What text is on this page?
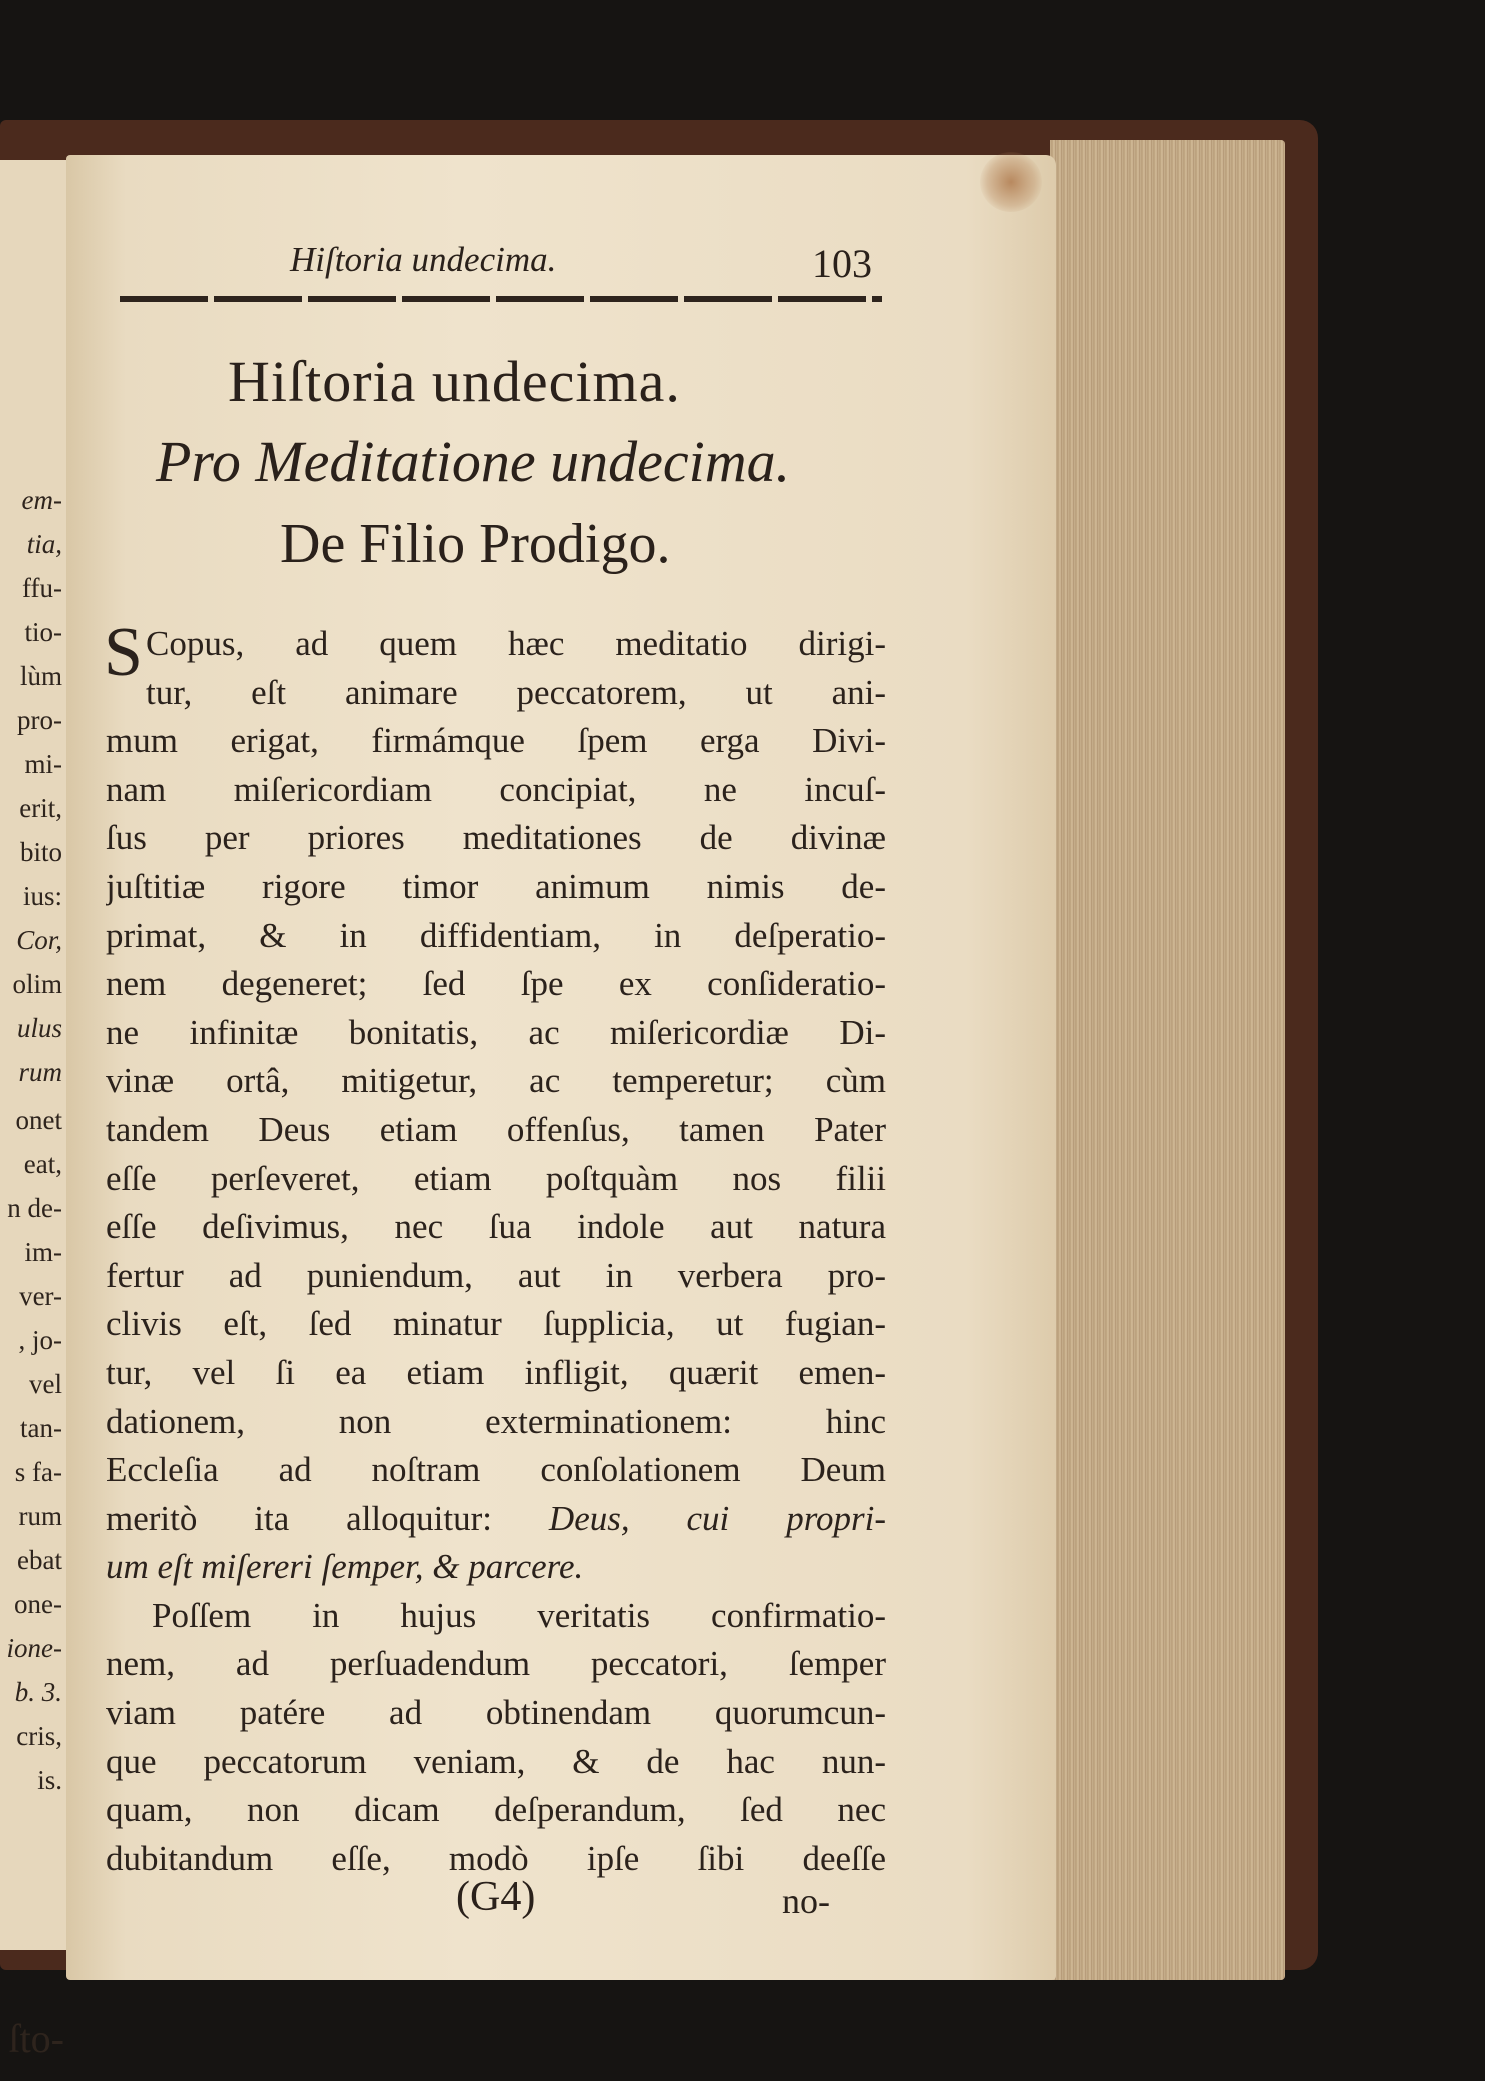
em-
tia,
ffu-
tio-
lùm
pro-
mi-
erit,
bito
ius:
Cor,
olim
ulus
rum
onet
eat,
n de-
im-
ver-
, jo-
vel
tan-
s fa-
rum
ebat
one-
ione-
b. 3.
cris,
is.
ſto-
Hiſtoria undecima.	103
Hiſtoria undecima.
Pro Meditatione undecima.
De Filio Prodigo.
S Copus, ad quem hæc meditatio dirigi-
tur, eſt animare peccatorem, ut ani-
mum erigat, firmámque ſpem erga Divi-
nam miſericordiam concipiat, ne incuſ-
ſus per priores meditationes de divinæ
juſtitiæ rigore timor animum nimis de-
primat, & in diffidentiam, in deſperatio-
nem degeneret; ſed ſpe ex conſideratio-
ne infinitæ bonitatis, ac miſericordiæ Di-
vinæ ortâ, mitigetur, ac temperetur; cùm
tandem Deus etiam offenſus, tamen Pater
eſſe perſeveret, etiam poſtquàm nos filii
eſſe deſivimus, nec ſua indole aut natura
fertur ad puniendum, aut in verbera pro-
clivis eſt, ſed minatur ſupplicia, ut fugian-
tur, vel ſi ea etiam infligit, quærit emen-
dationem, non exterminationem: hinc
Eccleſia ad noſtram conſolationem Deum
meritò ita alloquitur: Deus, cui propri-
um eſt miſereri ſemper, & parcere.
Poſſem in hujus veritatis confirmatio-
nem, ad perſuadendum peccatori, ſemper
viam patére ad obtinendam quorumcun-
que peccatorum veniam, & de hac nun-
quam, non dicam deſperandum, ſed nec
dubitandum eſſe, modò ipſe ſibi deeſſe
(G4)	no-
